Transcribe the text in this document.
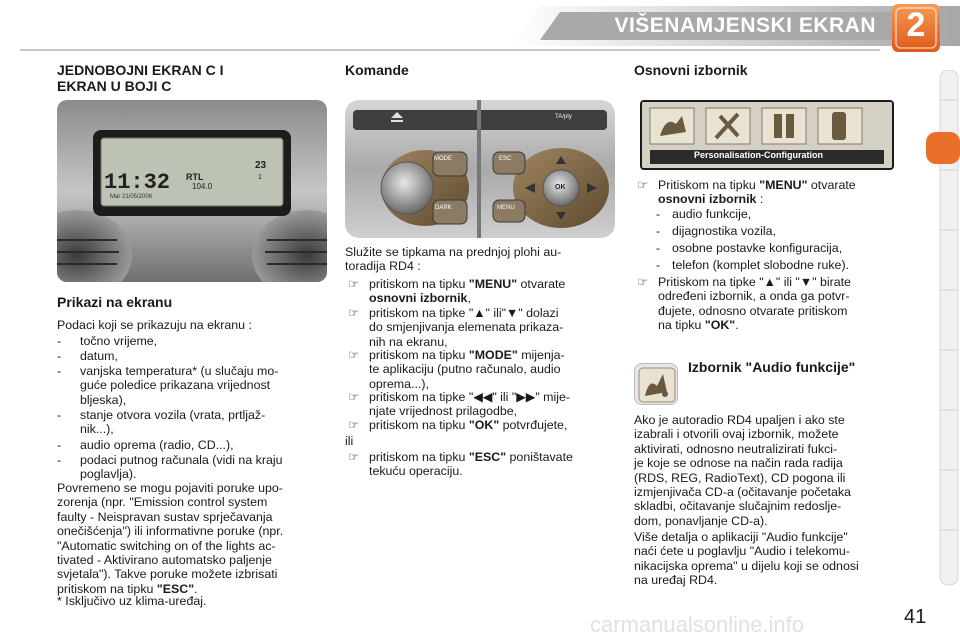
VIŠENAMJENSKI EKRAN 2
JEDNOBOJNI EKRAN C I
EKRAN U BOJI C
11:32
Mar 21/05/2006
RTL
104.0
23
1
Prikazi na ekranu
Podaci koji se prikazuju na ekranu :
- točno vrijeme,
- datum,
- vanjska temperatura* (u slučaju mo-
guće poledice prikazana vrijednost
bljeska),
- stanje otvora vozila (vrata, prtljaž-
nik...),
- audio oprema (radio, CD...),
- podaci putnog računala (vidi na kraju
poglavlja).
Povremeno se mogu pojaviti poruke upo-
zorenja (npr. "Emission control system
faulty - Neispravan sustav sprječavanja
onečišćenja") ili informativne poruke (npr.
"Automatic switching on of the lights ac-
tivated - Aktivirano automatsko paljenje
svjetala"). Takve poruke možete izbrisati
pritiskom na tipku "ESC".
* Isključivo uz klima-uređaj.
Komande
MODE
DARK
ESC
MENU
OK
TA/pty
Služite se tipkama na prednjoj plohi au-
toradija RD4 :
☞ pritiskom na tipku "MENU" otvarate
osnovni izbornik,
☞ pritiskom na tipke "▲" ili"▼" dolazi
do smjenjivanja elemenata prikaza-
nih na ekranu,
☞ pritiskom na tipku "MODE" mijenja-
te aplikaciju (putno računalo, audio
oprema...),
☞ pritiskom na tipke "◀◀" ili "▶▶" mije-
njate vrijednost prilagodbe,
☞ pritiskom na tipku "OK" potvrđujete,
ili
☞ pritiskom na tipku "ESC" poništavate
tekuću operaciju.
Osnovni izbornik
Personalisation-Configuration
☞ Pritiskom na tipku "MENU" otvarate
osnovni izbornik :
- audio funkcije,
- dijagnostika vozila,
- osobne postavke konfiguracija,
- telefon (komplet slobodne ruke).
☞ Pritiskom na tipke "▲" ili "▼" birate
određeni izbornik, a onda ga potvr-
đujete, odnosno otvarate pritiskom
na tipku "OK".
Izbornik "Audio funkcije"
Ako je autoradio RD4 upaljen i ako ste
izabrali i otvorili ovaj izbornik, možete
aktivirati, odnosno neutralizirati fukci-
je koje se odnose na način rada radija
(RDS, REG, RadioText), CD pogona ili
izmjenjivača CD-a (očitavanje početaka
skladbi, očitavanje slučajnim redoslje-
dom, ponavljanje CD-a).
Više detalja o aplikaciji "Audio funkcije"
naći ćete u poglavlju "Audio i telekomu-
nikacijska oprema" u dijelu koji se odnosi
na uređaj RD4.
carmanualsonline.info	41
